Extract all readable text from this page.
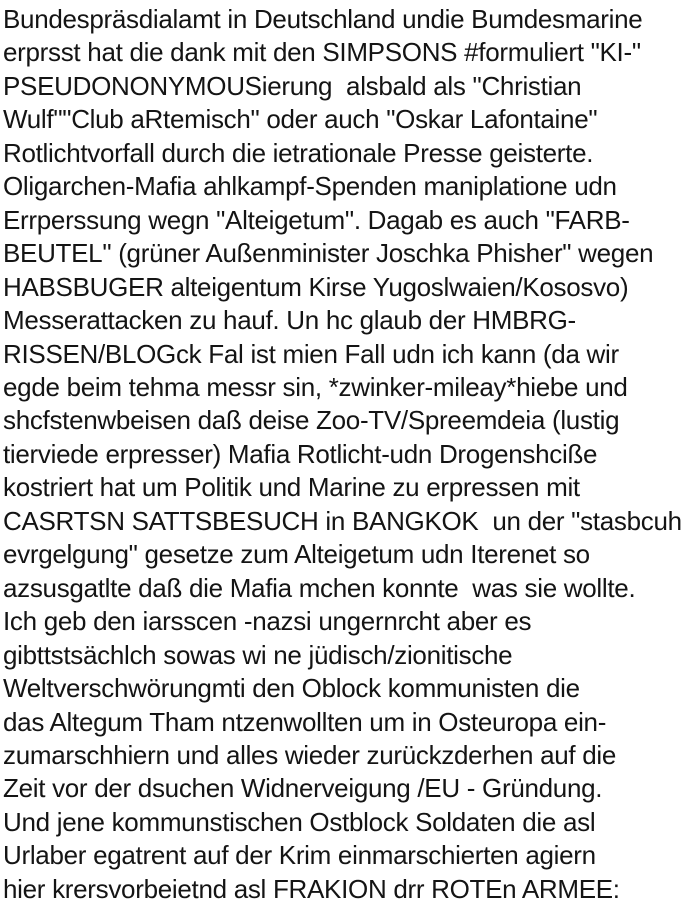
Bundespräsdialamt in Deutschland undie Bumdesmarine
erprsst hat die dank mit den SIMPSONS #formuliert "KI-"
PSEUDONONYMOUSierung  alsbald als "Christian
Wulf""Club aRtemisch" oder auch "Oskar Lafontaine"
Rotlichtvorfall durch die ietrationale Presse geisterte.
Oligarchen-Mafia ahlkampf-Spenden maniplatione udn
Errperssung wegn "Alteigetum". Dagab es auch "FARB-
BEUTEL" (grüner Außenminister Joschka Phisher" wegen
HABSBUGER alteigentum Kirse Yugoslwaien/Kososvo)
Messerattacken zu hauf. Un hc glaub der HMBRG-
RISSEN/BLOGck Fal ist mien Fall udn ich kann (da wir
egde beim tehma messr sin, *zwinker-mileay*hiebe und
shcfstenwbeisen daß deise Zoo-TV/Spreemdeia (lustig
tierviede erpresser) Mafia Rotlicht-udn Drogenshciße
kostriert hat um Politik und Marine zu erpressen mit
CASRTSN SATTSBESUCH in BANGKOK  un der "stasbcuh
evrgelgung" gesetze zum Alteigetum udn Iterenet so
azsusgatlte daß die Mafia mchen konnte  was sie wollte.
Ich geb den iarsscen -nazsi ungernrcht aber es
gibttstsächlch sowas wi ne jüdisch/zionitische
Weltverschwörungmti den Oblock kommunisten die
das Altegum Tham ntzenwollten um in Osteuropa ein-
zumarschhiern und alles wieder zurückzderhen auf die
Zeit vor der dsuchen Widnerveigung /EU - Gründung.
Und jene kommunstischen Ostblock Soldaten die asl
Urlaber egatrent auf der Krim einmarschierten agiern
hier krersvorbeietnd asl FRAKION drr ROTEn ARMEE:
